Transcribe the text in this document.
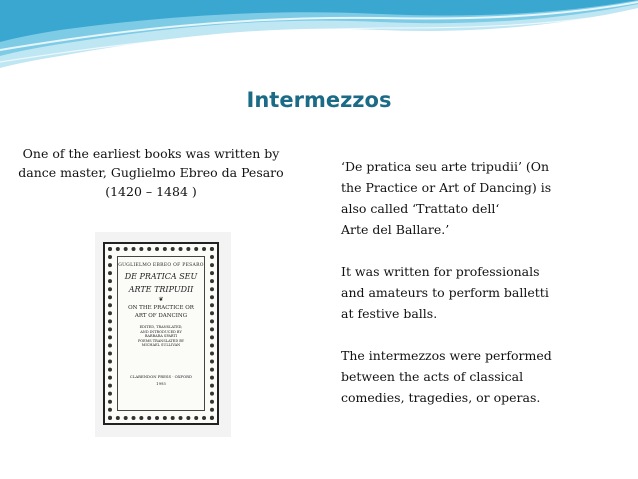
Intermezzos
One of the earliest books was written by
dance master, Guglielmo Ebreo da Pesaro
(1420 – 1484 )
GUGLIELMO EBREO OF PESARO
DE PRATICA SEU
ARTE TRIPUDII
❦
ON THE PRACTICE OR
ART OF DANCING
EDITED, TRANSLATED,
AND INTRODUCED BY
BARBARA SPARTI
POEMS TRANSLATED BY
MICHAEL SULLIVAN
CLARENDON PRESS · OXFORD
1993
‘De pratica seu arte tripudii’ (On
the Practice or Art of Dancing) is
also called ‘Trattato dell‘
Arte del Ballare.’
It was written for professionals
and amateurs to perform balletti
at festive balls.
The intermezzos were performed
between the acts of classical
comedies, tragedies, or operas.
